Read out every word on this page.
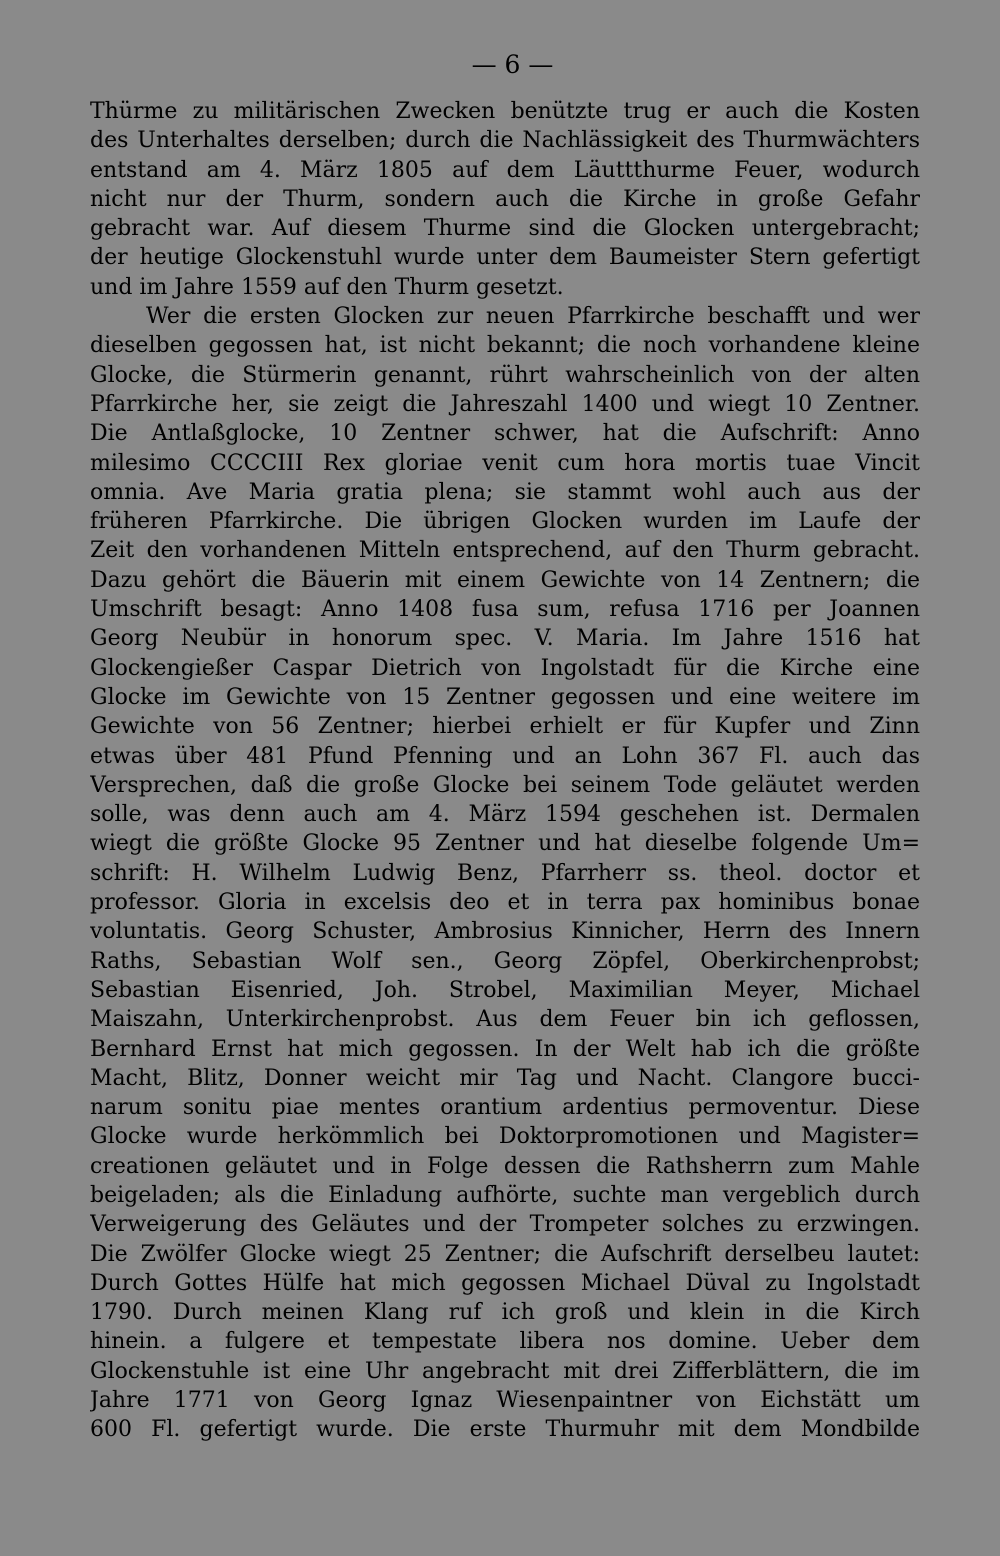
— 6 —
Thürme zu militärischen Zwecken benützte trug er auch die Kosten
des Unterhaltes derselben; durch die Nachlässigkeit des Thurmwächters
entstand am 4. März 1805 auf dem Läuttthurme Feuer, wodurch
nicht nur der Thurm, sondern auch die Kirche in große Gefahr
gebracht war. Auf diesem Thurme sind die Glocken untergebracht;
der heutige Glockenstuhl wurde unter dem Baumeister Stern gefertigt
und im Jahre 1559 auf den Thurm gesetzt.
Wer die ersten Glocken zur neuen Pfarrkirche beschafft und wer
dieselben gegossen hat, ist nicht bekannt; die noch vorhandene kleine
Glocke, die Stürmerin genannt, rührt wahrscheinlich von der alten
Pfarrkirche her, sie zeigt die Jahreszahl 1400 und wiegt 10 Zentner.
Die Antlaßglocke, 10 Zentner schwer, hat die Aufschrift: Anno
milesimo CCCCIII Rex gloriae venit cum hora mortis tuae Vincit
omnia. Ave Maria gratia plena; sie stammt wohl auch aus der
früheren Pfarrkirche. Die übrigen Glocken wurden im Laufe der
Zeit den vorhandenen Mitteln entsprechend, auf den Thurm gebracht.
Dazu gehört die Bäuerin mit einem Gewichte von 14 Zentnern; die
Umschrift besagt: Anno 1408 fusa sum, refusa 1716 per Joannen
Georg Neubür in honorum spec. V. Maria. Im Jahre 1516 hat
Glockengießer Caspar Dietrich von Ingolstadt für die Kirche eine
Glocke im Gewichte von 15 Zentner gegossen und eine weitere im
Gewichte von 56 Zentner; hierbei erhielt er für Kupfer und Zinn
etwas über 481 Pfund Pfenning und an Lohn 367 Fl. auch das
Versprechen, daß die große Glocke bei seinem Tode geläutet werden
solle, was denn auch am 4. März 1594 geschehen ist. Dermalen
wiegt die größte Glocke 95 Zentner und hat dieselbe folgende Um=
schrift: H. Wilhelm Ludwig Benz, Pfarrherr ss. theol. doctor et
professor. Gloria in excelsis deo et in terra pax hominibus bonae
voluntatis. Georg Schuster, Ambrosius Kinnicher, Herrn des Innern
Raths, Sebastian Wolf sen., Georg Zöpfel, Oberkirchenprobst;
Sebastian Eisenried, Joh. Strobel, Maximilian Meyer, Michael
Maiszahn, Unterkirchenprobst. Aus dem Feuer bin ich geflossen,
Bernhard Ernst hat mich gegossen. In der Welt hab ich die größte
Macht, Blitz, Donner weicht mir Tag und Nacht. Clangore bucci-
narum sonitu piae mentes orantium ardentius permoventur. Diese
Glocke wurde herkömmlich bei Doktorpromotionen und Magister=
creationen geläutet und in Folge dessen die Rathsherrn zum Mahle
beigeladen; als die Einladung aufhörte, suchte man vergeblich durch
Verweigerung des Geläutes und der Trompeter solches zu erzwingen.
Die Zwölfer Glocke wiegt 25 Zentner; die Aufschrift derselbeu lautet:
Durch Gottes Hülfe hat mich gegossen Michael Düval zu Ingolstadt
1790. Durch meinen Klang ruf ich groß und klein in die Kirch
hinein. a fulgere et tempestate libera nos domine. Ueber dem
Glockenstuhle ist eine Uhr angebracht mit drei Zifferblättern, die im
Jahre 1771 von Georg Ignaz Wiesenpaintner von Eichstätt um
600 Fl. gefertigt wurde. Die erste Thurmuhr mit dem Mondbilde
